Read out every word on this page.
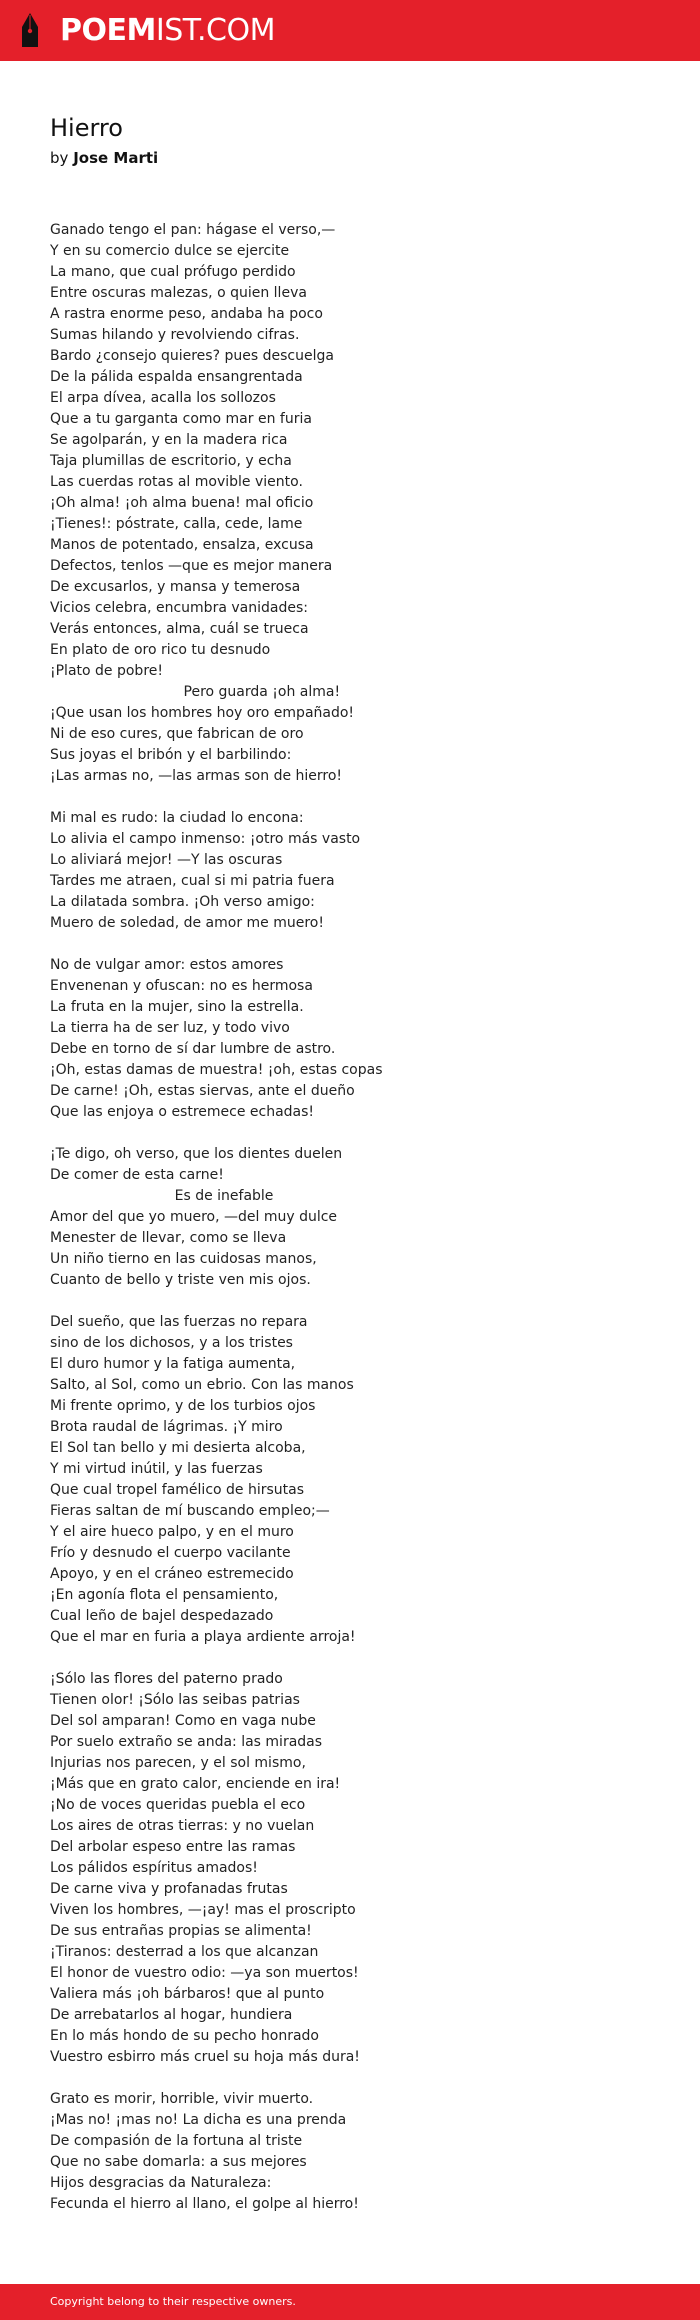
POEMIST.COM
Hierro
by Jose Marti
Ganado tengo el pan: hágase el verso,—
Y en su comercio dulce se ejercite
La mano, que cual prófugo perdido
Entre oscuras malezas, o quien lleva
A rastra enorme peso, andaba ha poco
Sumas hilando y revolviendo cifras.
Bardo ¿consejo quieres? pues descuelga
De la pálida espalda ensangrentada
El arpa dívea, acalla los sollozos
Que a tu garganta como mar en furia
Se agolparán, y en la madera rica
Taja plumillas de escritorio, y echa
Las cuerdas rotas al movible viento.
¡Oh alma! ¡oh alma buena! mal oficio
¡Tienes!: póstrate, calla, cede, lame
Manos de potentado, ensalza, excusa
Defectos, tenlos —que es mejor manera
De excusarlos, y mansa y temerosa
Vicios celebra, encumbra vanidades:
Verás entonces, alma, cuál se trueca
En plato de oro rico tu desnudo
¡Plato de pobre!
Pero guarda ¡oh alma!
¡Que usan los hombres hoy oro empañado!
Ni de eso cures, que fabrican de oro
Sus joyas el bribón y el barbilindo:
¡Las armas no, —las armas son de hierro!
Mi mal es rudo: la ciudad lo encona:
Lo alivia el campo inmenso: ¡otro más vasto
Lo aliviará mejor! —Y las oscuras
Tardes me atraen, cual si mi patria fuera
La dilatada sombra. ¡Oh verso amigo:
Muero de soledad, de amor me muero!
No de vulgar amor: estos amores
Envenenan y ofuscan: no es hermosa
La fruta en la mujer, sino la estrella.
La tierra ha de ser luz, y todo vivo
Debe en torno de sí dar lumbre de astro.
¡Oh, estas damas de muestra! ¡oh, estas copas
De carne! ¡Oh, estas siervas, ante el dueño
Que las enjoya o estremece echadas!
¡Te digo, oh verso, que los dientes duelen
De comer de esta carne!
Es de inefable
Amor del que yo muero, —del muy dulce
Menester de llevar, como se lleva
Un niño tierno en las cuidosas manos,
Cuanto de bello y triste ven mis ojos.
Del sueño, que las fuerzas no repara
sino de los dichosos, y a los tristes
El duro humor y la fatiga aumenta,
Salto, al Sol, como un ebrio. Con las manos
Mi frente oprimo, y de los turbios ojos
Brota raudal de lágrimas. ¡Y miro
El Sol tan bello y mi desierta alcoba,
Y mi virtud inútil, y las fuerzas
Que cual tropel famélico de hirsutas
Fieras saltan de mí buscando empleo;—
Y el aire hueco palpo, y en el muro
Frío y desnudo el cuerpo vacilante
Apoyo, y en el cráneo estremecido
¡En agonía flota el pensamiento,
Cual leño de bajel despedazado
Que el mar en furia a playa ardiente arroja!
¡Sólo las flores del paterno prado
Tienen olor! ¡Sólo las seibas patrias
Del sol amparan! Como en vaga nube
Por suelo extraño se anda: las miradas
Injurias nos parecen, y el sol mismo,
¡Más que en grato calor, enciende en ira!
¡No de voces queridas puebla el eco
Los aires de otras tierras: y no vuelan
Del arbolar espeso entre las ramas
Los pálidos espíritus amados!
De carne viva y profanadas frutas
Viven los hombres, —¡ay! mas el proscripto
De sus entrañas propias se alimenta!
¡Tiranos: desterrad a los que alcanzan
El honor de vuestro odio: —ya son muertos!
Valiera más ¡oh bárbaros! que al punto
De arrebatarlos al hogar, hundiera
En lo más hondo de su pecho honrado
Vuestro esbirro más cruel su hoja más dura!
Grato es morir, horrible, vivir muerto.
¡Mas no! ¡mas no! La dicha es una prenda
De compasión de la fortuna al triste
Que no sabe domarla: a sus mejores
Hijos desgracias da Naturaleza:
Fecunda el hierro al llano, el golpe al hierro!
Copyright belong to their respective owners.
